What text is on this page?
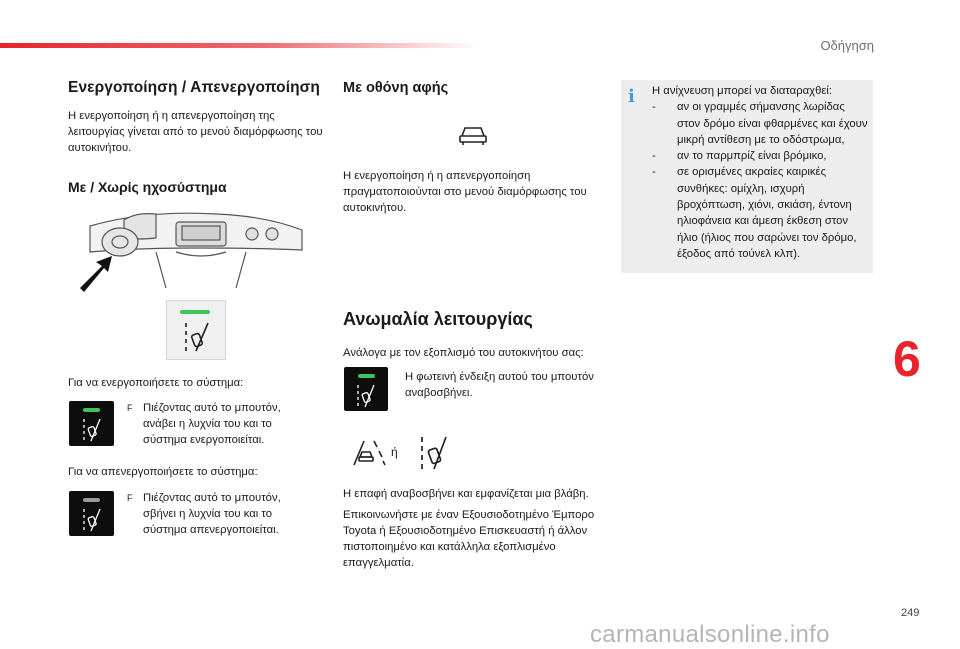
Οδήγηση
Ενεργοποίηση / Απενεργοποίηση
Η ενεργοποίηση ή η απενεργοποίηση της λειτουργίας γίνεται από το μενού διαμόρφωσης του αυτοκινήτου.
Με / Χωρίς ηχοσύστημα
Για να ενεργοποιήσετε το σύστημα:
F Πιέζοντας αυτό το μπουτόν, ανάβει η λυχνία του και το σύστημα ενεργοποιείται.
Για να απενεργοποιήσετε το σύστημα:
F Πιέζοντας αυτό το μπουτόν, σβήνει η λυχνία του και το σύστημα απενεργοποιείται.
Με οθόνη αφής
Η ενεργοποίηση ή η απενεργοποίηση πραγματοποιούνται στο μενού διαμόρφωσης του αυτοκινήτου.
Ανωμαλία λειτουργίας
Ανάλογα με τον εξοπλισμό του αυτοκινήτου σας:
Η φωτεινή ένδειξη αυτού του μπουτόν αναβοσβήνει.
ή
Η επαφή αναβοσβήνει και εμφανίζεται μια βλάβη.
Επικοινωνήστε με έναν Εξουσιοδοτημένο Έμπορο Toyota ή Εξουσιοδοτημένο Επισκευαστή ή άλλον πιστοποιημένο και κατάλληλα εξοπλισμένο επαγγελματία.
i Η ανίχνευση μπορεί να διαταραχθεί:
-	αν οι γραμμές σήμανσης λωρίδας στον δρόμο είναι φθαρμένες και έχουν μικρή αντίθεση με το οδόστρωμα,
-	αν το παρμπρίζ είναι βρόμικο,
-	σε ορισμένες ακραίες καιρικές συνθήκες: ομίχλη, ισχυρή βροχόπτωση, χιόνι, σκιάση, έντονη ηλιοφάνεια και άμεση έκθεση στον ήλιο (ήλιος που σαρώνει τον δρόμο, έξοδος από τούνελ κλπ).
6
249
carmanualsonline.info
